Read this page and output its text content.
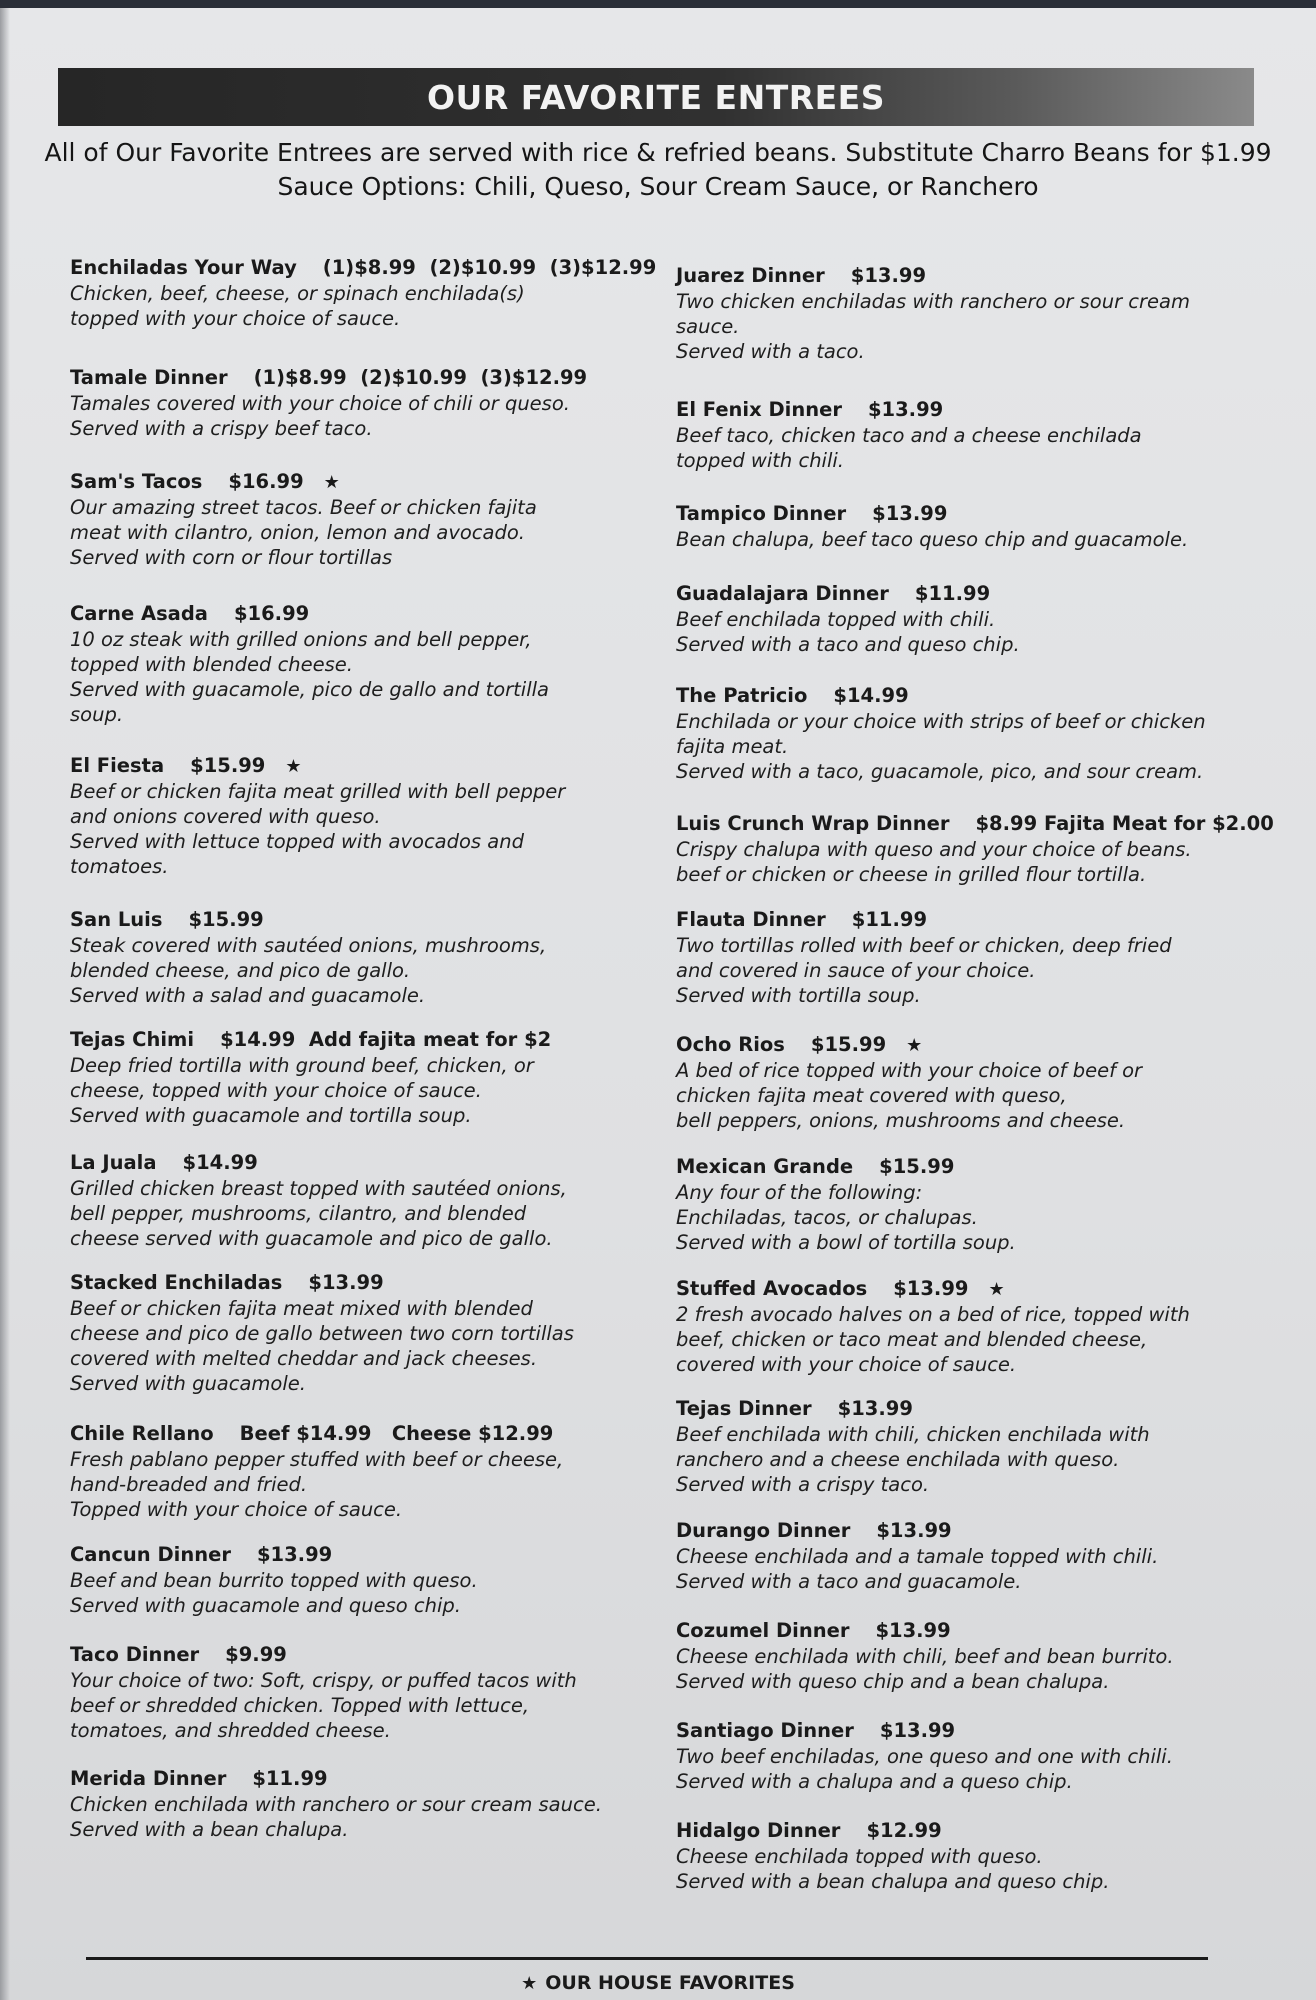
OUR FAVORITE ENTREES
All of Our Favorite Entrees are served with rice & refried beans. Substitute Charro Beans for $1.99
Sauce Options: Chili, Queso, Sour Cream Sauce, or Ranchero
Enchiladas Your Way (1)$8.99  (2)$10.99  (3)$12.99
Chicken, beef, cheese, or spinach enchilada(s)
topped with your choice of sauce.
Tamale Dinner (1)$8.99  (2)$10.99  (3)$12.99
Tamales covered with your choice of chili or queso.
Served with a crispy beef taco.
Sam's Tacos $16.99 ★
Our amazing street tacos. Beef or chicken fajita
meat with cilantro, onion, lemon and avocado.
Served with corn or flour tortillas
Carne Asada $16.99
10 oz steak with grilled onions and bell pepper,
topped with blended cheese.
Served with guacamole, pico de gallo and tortilla
soup.
El Fiesta $15.99 ★
Beef or chicken fajita meat grilled with bell pepper
and onions covered with queso.
Served with lettuce topped with avocados and
tomatoes.
San Luis $15.99
Steak covered with sautéed onions, mushrooms,
blended cheese, and pico de gallo.
Served with a salad and guacamole.
Tejas Chimi $14.99  Add fajita meat for $2
Deep fried tortilla with ground beef, chicken, or
cheese, topped with your choice of sauce.
Served with guacamole and tortilla soup.
La Juala $14.99
Grilled chicken breast topped with sautéed onions,
bell pepper, mushrooms, cilantro, and blended
cheese served with guacamole and pico de gallo.
Stacked Enchiladas $13.99
Beef or chicken fajita meat mixed with blended
cheese and pico de gallo between two corn tortillas
covered with melted cheddar and jack cheeses.
Served with guacamole.
Chile Rellano Beef $14.99   Cheese $12.99
Fresh pablano pepper stuffed with beef or cheese,
hand-breaded and fried.
Topped with your choice of sauce.
Cancun Dinner $13.99
Beef and bean burrito topped with queso.
Served with guacamole and queso chip.
Taco Dinner $9.99
Your choice of two: Soft, crispy, or puffed tacos with
beef or shredded chicken. Topped with lettuce,
tomatoes, and shredded cheese.
Merida Dinner $11.99
Chicken enchilada with ranchero or sour cream sauce.
Served with a bean chalupa.
Juarez Dinner $13.99
Two chicken enchiladas with ranchero or sour cream
sauce.
Served with a taco.
El Fenix Dinner $13.99
Beef taco, chicken taco and a cheese enchilada
topped with chili.
Tampico Dinner $13.99
Bean chalupa, beef taco queso chip and guacamole.
Guadalajara Dinner $11.99
Beef enchilada topped with chili.
Served with a taco and queso chip.
The Patricio $14.99
Enchilada or your choice with strips of beef or chicken
fajita meat.
Served with a taco, guacamole, pico, and sour cream.
Luis Crunch Wrap Dinner $8.99 Fajita Meat for $2.00
Crispy chalupa with queso and your choice of beans.
beef or chicken or cheese in grilled flour tortilla.
Flauta Dinner $11.99
Two tortillas rolled with beef or chicken, deep fried
and covered in sauce of your choice.
Served with tortilla soup.
Ocho Rios $15.99 ★
A bed of rice topped with your choice of beef or
chicken fajita meat covered with queso,
bell peppers, onions, mushrooms and cheese.
Mexican Grande $15.99
Any four of the following:
Enchiladas, tacos, or chalupas.
Served with a bowl of tortilla soup.
Stuffed Avocados $13.99 ★
2 fresh avocado halves on a bed of rice, topped with
beef, chicken or taco meat and blended cheese,
covered with your choice of sauce.
Tejas Dinner $13.99
Beef enchilada with chili, chicken enchilada with
ranchero and a cheese enchilada with queso.
Served with a crispy taco.
Durango Dinner $13.99
Cheese enchilada and a tamale topped with chili.
Served with a taco and guacamole.
Cozumel Dinner $13.99
Cheese enchilada with chili, beef and bean burrito.
Served with queso chip and a bean chalupa.
Santiago Dinner $13.99
Two beef enchiladas, one queso and one with chili.
Served with a chalupa and a queso chip.
Hidalgo Dinner $12.99
Cheese enchilada topped with queso.
Served with a bean chalupa and queso chip.
★ OUR HOUSE FAVORITES
